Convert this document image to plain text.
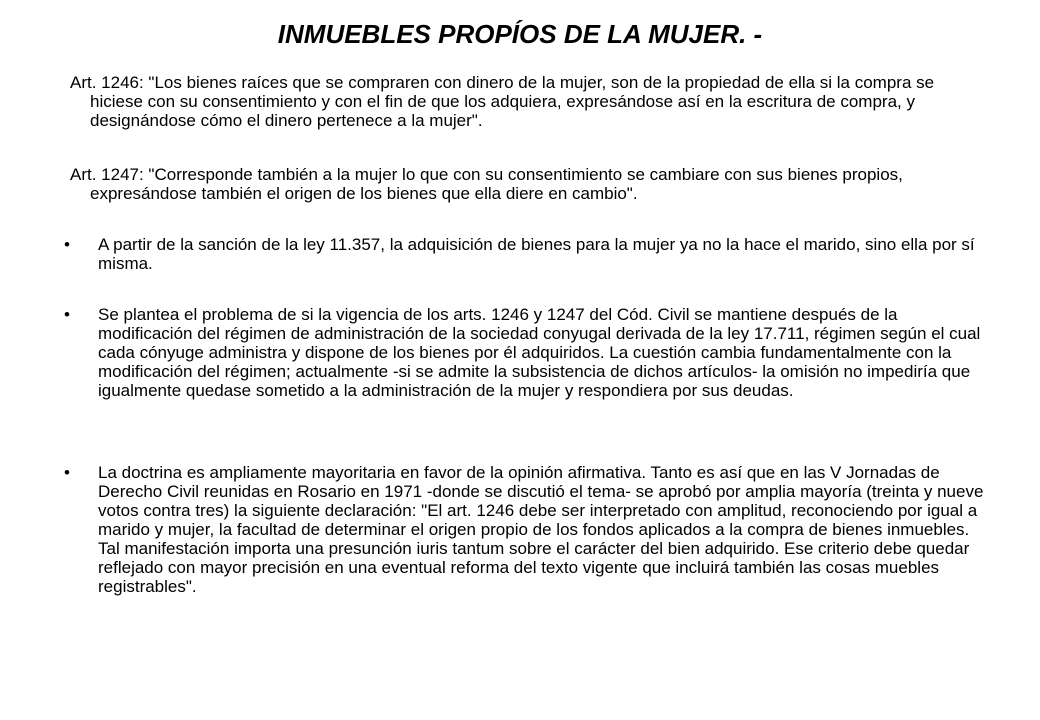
INMUEBLES PROPÍOS DE LA MUJER. -

Art. 1246: "Los bienes raíces que se compraren con dinero de la mujer, son de la propiedad de ella si la compra se hiciese con su consentimiento y con el fin de que los adquiera, expresándose así en la escritura de compra, y designándose cómo el dinero pertenece a la mujer".

Art. 1247: "Corresponde también a la mujer lo que con su consentimiento se cambiare con sus bienes propios, expresándose también el origen de los bienes que ella diere en cambio".

• A partir de la sanción de la ley 11.357, la adquisición de bienes para la mujer ya no la hace el marido, sino ella por sí misma.
• Se plantea el problema de si la vigencia de los arts. 1246 y 1247 del Cód. Civil se mantiene después de la modificación del régimen de administración de la sociedad conyugal derivada de la ley 17.711, régimen según el cual cada cónyuge administra y dispone de los bienes por él adquiridos. La cuestión cambia fundamentalmente con la modificación del régimen; actualmente -si se admite la subsistencia de dichos artículos- la omisión no impediría que igualmente quedase sometido a la administración de la mujer y respondiera por sus deudas.
• La doctrina es ampliamente mayoritaria en favor de la opinión afirmativa. Tanto es así que en las V Jornadas de Derecho Civil reunidas en Rosario en 1971 -donde se discutió el tema- se aprobó por amplia mayoría (treinta y nueve votos contra tres) la siguiente declaración: "El art. 1246 debe ser interpretado con amplitud, reconociendo por igual a marido y mujer, la facultad de determinar el origen propio de los fondos aplicados a la compra de bienes inmuebles. Tal manifestación importa una presunción iuris tantum sobre el carácter del bien adquirido. Ese criterio debe quedar reflejado con mayor precisión en una eventual reforma del texto vigente que incluirá también las cosas muebles registrables".
